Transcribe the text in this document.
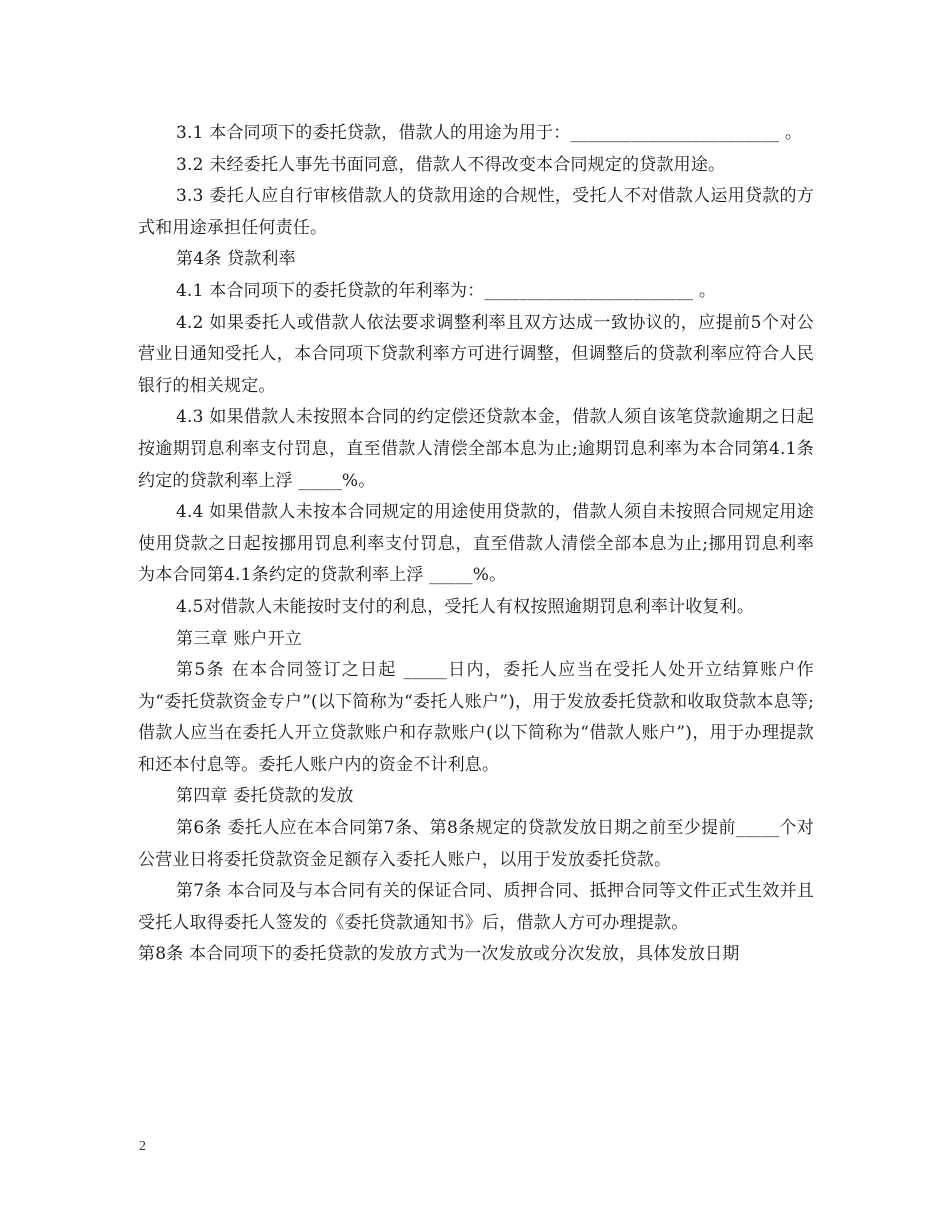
3.1 本合同项下的委托贷款，借款人的用途为用于：________________________ 。

3.2 未经委托人事先书面同意，借款人不得改变本合同规定的贷款用途。

3.3 委托人应自行审核借款人的贷款用途的合规性，受托人不对借款人运用贷款的方式和用途承担任何责任。

第4条 贷款利率

4.1 本合同项下的委托贷款的年利率为：________________________ 。

4.2 如果委托人或借款人依法要求调整利率且双方达成一致协议的，应提前5个对公营业日通知受托人，本合同项下贷款利率方可进行调整，但调整后的贷款利率应符合人民银行的相关规定。

4.3 如果借款人未按照本合同的约定偿还贷款本金，借款人须自该笔贷款逾期之日起按逾期罚息利率支付罚息，直至借款人清偿全部本息为止;逾期罚息利率为本合同第4.1条约定的贷款利率上浮 _____%。

4.4 如果借款人未按本合同规定的用途使用贷款的，借款人须自未按照合同规定用途使用贷款之日起按挪用罚息利率支付罚息，直至借款人清偿全部本息为止;挪用罚息利率为本合同第4.1条约定的贷款利率上浮 _____%。

4.5对借款人未能按时支付的利息，受托人有权按照逾期罚息利率计收复利。

第三章 账户开立

第5条 在本合同签订之日起 _____日内，委托人应当在受托人处开立结算账户作为“委托贷款资金专户”(以下简称为“委托人账户”)，用于发放委托贷款和收取贷款本息等;借款人应当在委托人开立贷款账户和存款账户(以下简称为“借款人账户”)，用于办理提款和还本付息等。委托人账户内的资金不计利息。

第四章 委托贷款的发放

第6条 委托人应在本合同第7条、第8条规定的贷款发放日期之前至少提前_____个对公营业日将委托贷款资金足额存入委托人账户，以用于发放委托贷款。

第7条 本合同及与本合同有关的保证合同、质押合同、抵押合同等文件正式生效并且受托人取得委托人签发的《委托贷款通知书》后，借款人方可办理提款。

第8条 本合同项下的委托贷款的发放方式为一次发放或分次发放，具体发放日期

2
